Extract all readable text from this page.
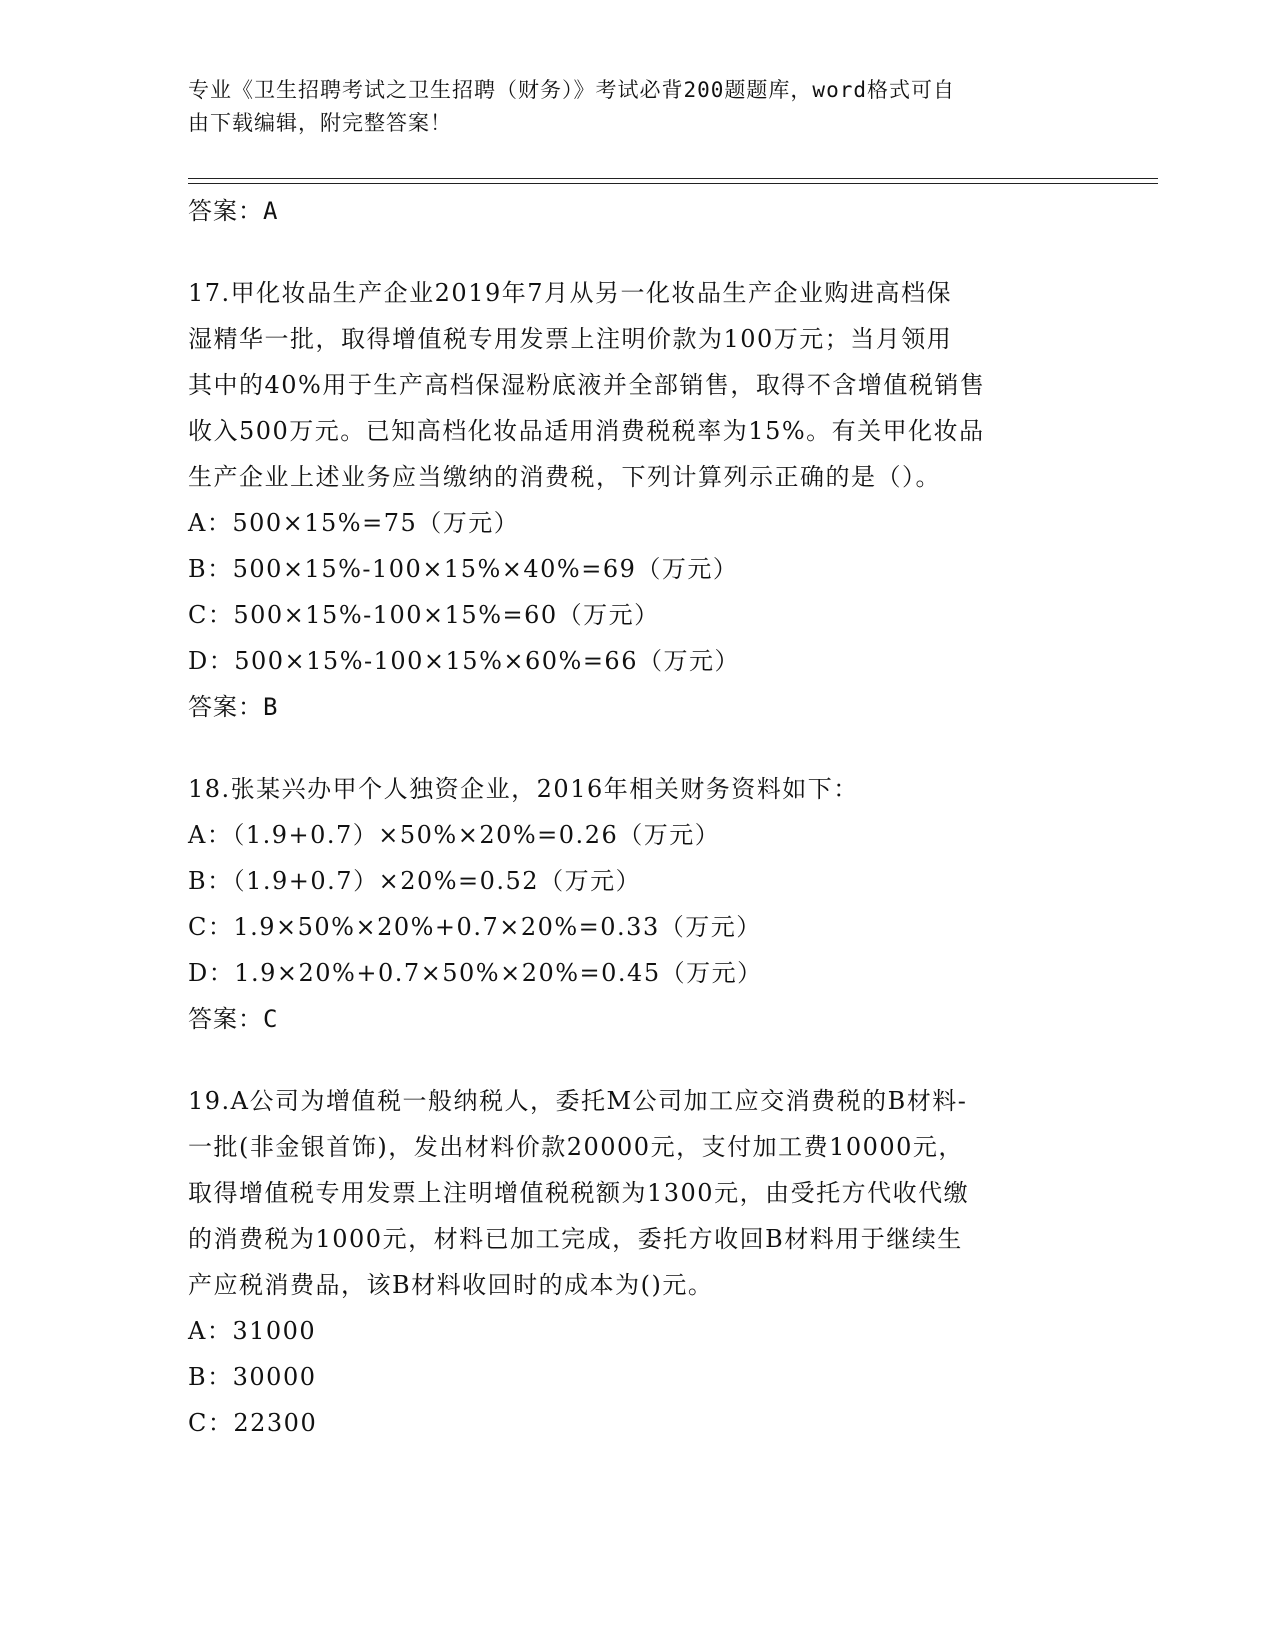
专业《卫生招聘考试之卫生招聘（财务）》考试必背200题题库，word格式可自
由下载编辑，附完整答案！
答案：A
17.甲化妆品生产企业2019年7月从另一化妆品生产企业购进高档保
湿精华一批，取得增值税专用发票上注明价款为100万元；当月领用
其中的40%用于生产高档保湿粉底液并全部销售，取得不含增值税销售
收入500万元。已知高档化妆品适用消费税税率为15%。有关甲化妆品
生产企业上述业务应当缴纳的消费税，下列计算列示正确的是（）。
A：500×15%=75（万元）
B：500×15%-100×15%×40%=69（万元）
C：500×15%-100×15%=60（万元）
D：500×15%-100×15%×60%=66（万元）
答案：B
18.张某兴办甲个人独资企业，2016年相关财务资料如下：
A：（1.9+0.7）×50%×20%=0.26（万元）
B：（1.9+0.7）×20%=0.52（万元）
C：1.9×50%×20%+0.7×20%=0.33（万元）
D：1.9×20%+0.7×50%×20%=0.45（万元）
答案：C
19.A公司为增值税一般纳税人，委托M公司加工应交消费税的B材料-
一批(非金银首饰)，发出材料价款20000元，支付加工费10000元，
取得增值税专用发票上注明增值税税额为1300元，由受托方代收代缴
的消费税为1000元，材料已加工完成，委托方收回B材料用于继续生
产应税消费品，该B材料收回时的成本为()元。
A：31000
B：30000
C：22300
